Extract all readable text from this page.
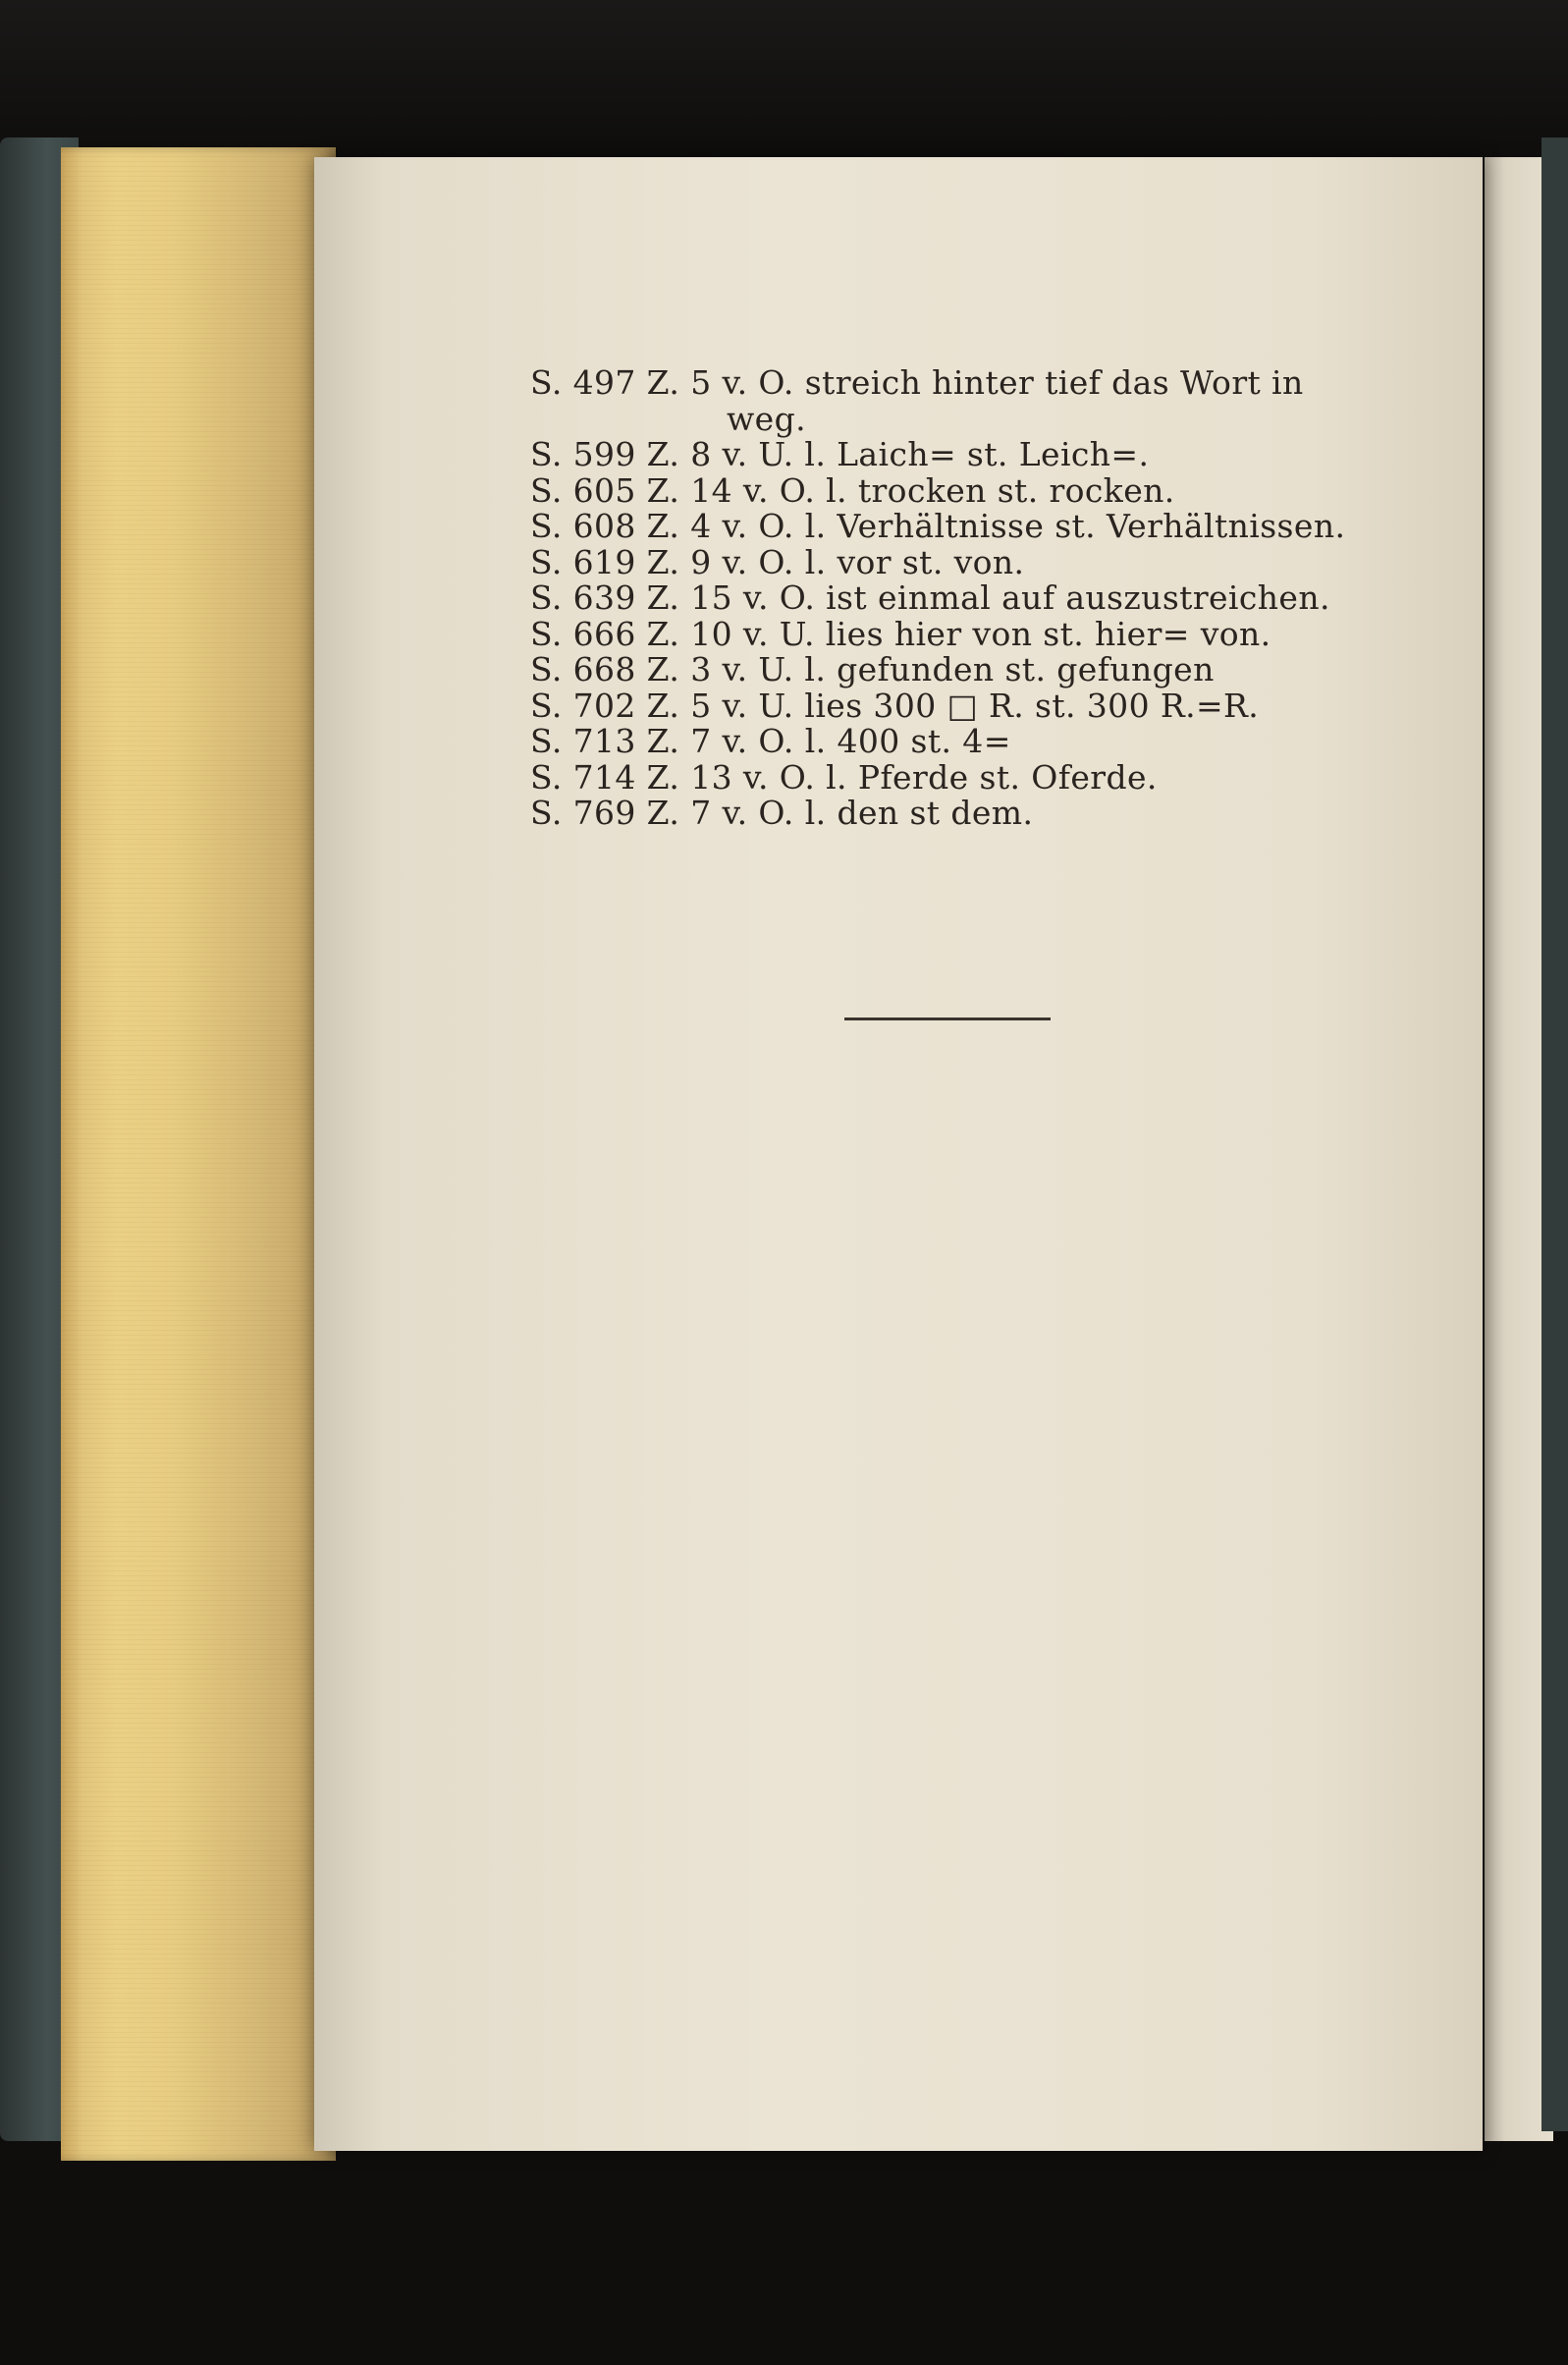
S. 497 Z. 5 v. O. streich hinter tief das Wort in
weg.
S. 599 Z. 8 v. U. l. Laich= st. Leich=.
S. 605 Z. 14 v. O. l. trocken st. rocken.
S. 608 Z. 4 v. O. l. Verhältnisse st. Verhältnissen.
S. 619 Z. 9 v. O. l. vor st. von.
S. 639 Z. 15 v. O. ist einmal auf auszustreichen.
S. 666 Z. 10 v. U. lies hier von st. hier= von.
S. 668 Z. 3 v. U. l. gefunden st. gefungen
S. 702 Z. 5 v. U. lies 300 □ R. st. 300 R.=R.
S. 713 Z. 7 v. O. l. 400 st. 4=
S. 714 Z. 13 v. O. l. Pferde st. Oferde.
S. 769 Z. 7 v. O. l. den st dem.
